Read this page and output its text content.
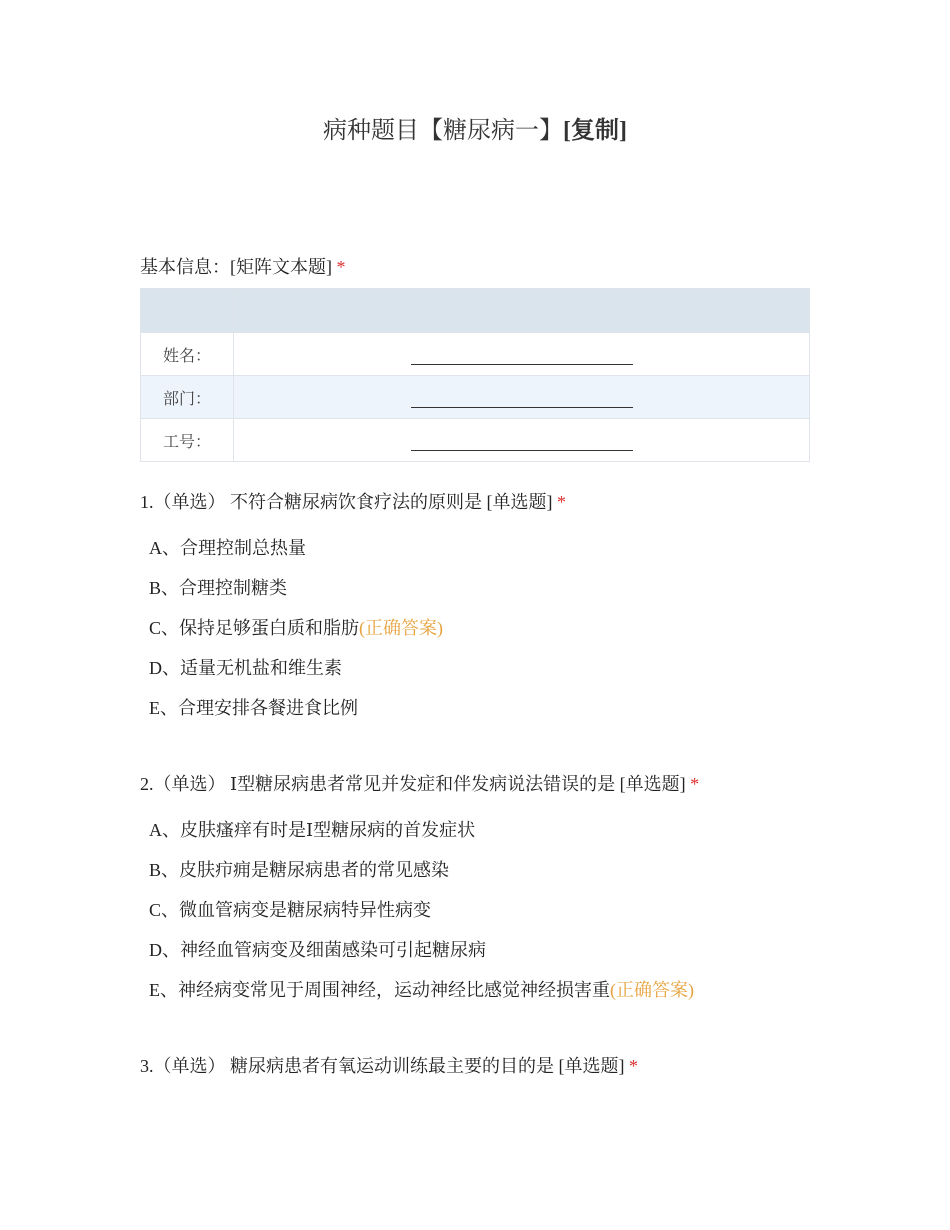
病种题目【糖尿病一】[复制]
基本信息：[矩阵文本题] *

姓名：	
部门：	
工号：	
1.（单选） 不符合糖尿病饮食疗法的原则是 [单选题] *
A、合理控制总热量
B、合理控制糖类
C、保持足够蛋白质和脂肪(正确答案)
D、适量无机盐和维生素
E、合理安排各餐进食比例
2.（单选） Ⅰ型糖尿病患者常见并发症和伴发病说法错误的是 [单选题] *
A、皮肤瘙痒有时是Ⅰ型糖尿病的首发症状
B、皮肤疖痈是糖尿病患者的常见感染
C、微血管病变是糖尿病特异性病变
D、神经血管病变及细菌感染可引起糖尿病
E、神经病变常见于周围神经，运动神经比感觉神经损害重(正确答案)
3.（单选） 糖尿病患者有氧运动训练最主要的目的是 [单选题] *
